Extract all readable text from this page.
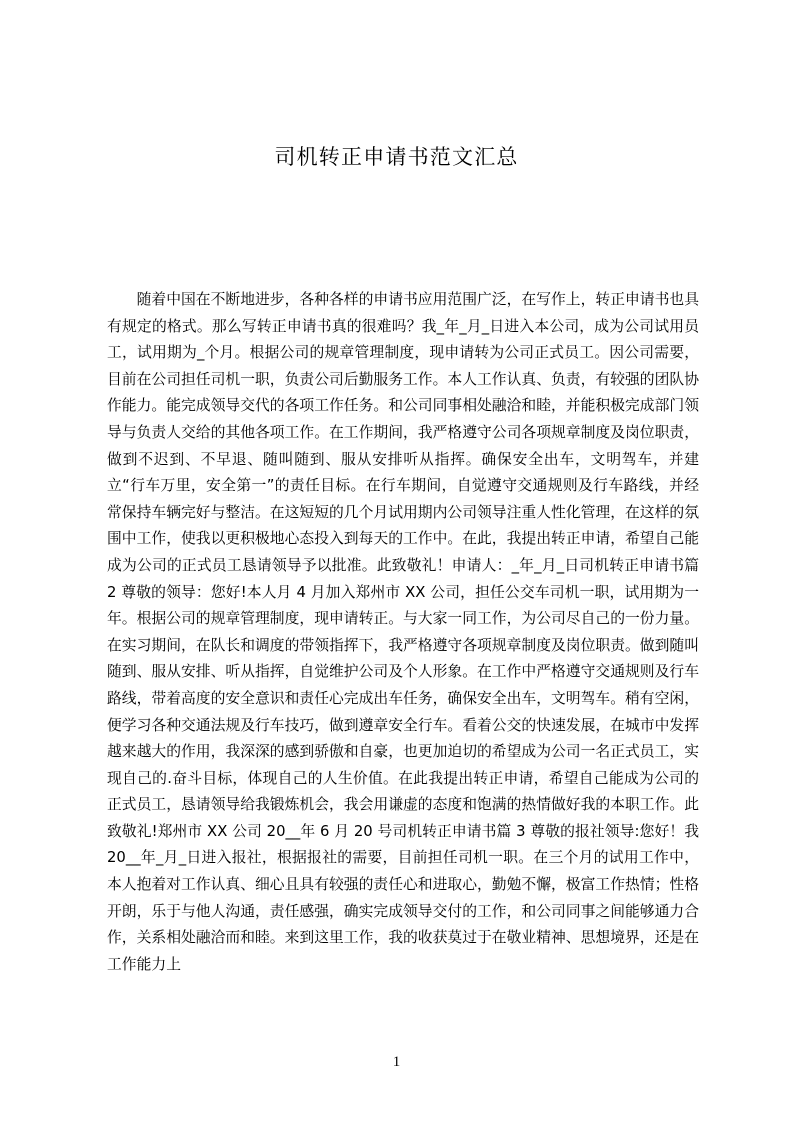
司机转正申请书范文汇总

随着中国在不断地进步，各种各样的申请书应用范围广泛，在写作上，转正申请书也具有规定的格式。那么写转正申请书真的很难吗？我_年_月_日进入本公司，成为公司试用员工，试用期为_个月。根据公司的规章管理制度，现申请转为公司正式员工。因公司需要，目前在公司担任司机一职，负责公司后勤服务工作。本人工作认真、负责，有较强的团队协作能力。能完成领导交代的各项工作任务。和公司同事相处融洽和睦，并能积极完成部门领导与负责人交给的其他各项工作。在工作期间，我严格遵守公司各项规章制度及岗位职责，做到不迟到、不早退、随叫随到、服从安排听从指挥。确保安全出车，文明驾车，并建立“行车万里，安全第一”的责任目标。在行车期间，自觉遵守交通规则及行车路线，并经常保持车辆完好与整洁。在这短短的几个月试用期内公司领导注重人性化管理，在这样的氛围中工作，使我以更积极地心态投入到每天的工作中。在此，我提出转正申请，希望自己能成为公司的正式员工恳请领导予以批准。此致敬礼！申请人：_年_月_日司机转正申请书篇 2 尊敬的领导：您好!本人月 4 月加入郑州市 XX 公司，担任公交车司机一职，试用期为一年。根据公司的规章管理制度，现申请转正。与大家一同工作，为公司尽自己的一份力量。在实习期间，在队长和调度的带领指挥下，我严格遵守各项规章制度及岗位职责。做到随叫随到、服从安排、听从指挥，自觉维护公司及个人形象。在工作中严格遵守交通规则及行车路线，带着高度的安全意识和责任心完成出车任务，确保安全出车，文明驾车。稍有空闲，便学习各种交通法规及行车技巧，做到遵章安全行车。看着公交的快速发展，在城市中发挥越来越大的作用，我深深的感到骄傲和自豪，也更加迫切的希望成为公司一名正式员工，实现自己的.奋斗目标，体现自己的人生价值。在此我提出转正申请，希望自己能成为公司的正式员工，恳请领导给我锻炼机会，我会用谦虚的态度和饱满的热情做好我的本职工作。此致敬礼!郑州市 XX 公司 20__年 6 月 20 号司机转正申请书篇 3 尊敬的报社领导:您好！我 20__年_月_日进入报社，根据报社的需要，目前担任司机一职。在三个月的试用工作中，本人抱着对工作认真、细心且具有较强的责任心和进取心，勤勉不懈，极富工作热情；性格开朗，乐于与他人沟通，责任感强，确实完成领导交付的工作，和公司同事之间能够通力合作，关系相处融洽而和睦。来到这里工作，我的收获莫过于在敬业精神、思想境界，还是在工作能力上

1
